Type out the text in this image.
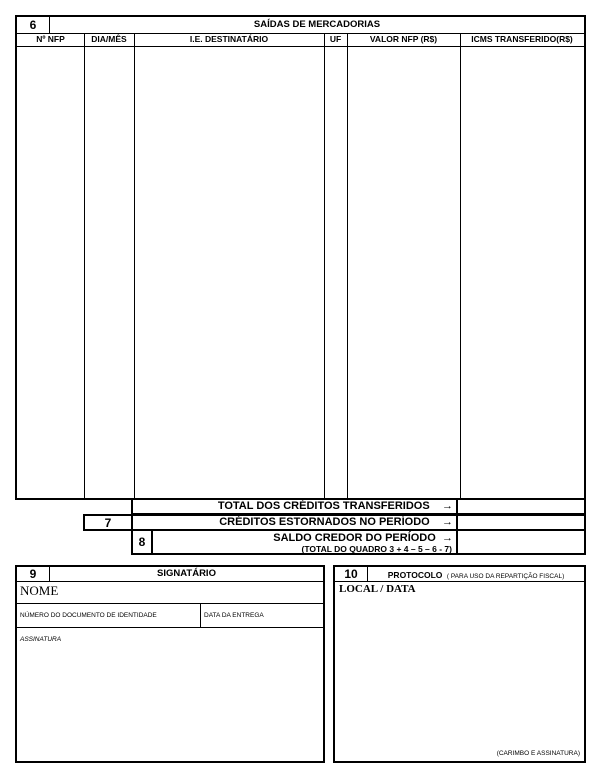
6	SAÍDAS DE MERCADORIAS
Nº NFP	DIA/MÊS	I.E. DESTINATÁRIO	UF	VALOR NFP (R$)	ICMS TRANSFERIDO(R$)
TOTAL DOS CRÉDITOS TRANSFERIDOS →
7	CRÉDITOS ESTORNADOS NO PERÍODO →
8	SALDO CREDOR DO PERÍODO →
(TOTAL DO QUADRO 3 + 4 – 5 – 6 - 7)
9	SIGNATÁRIO
NOME
NÚMERO DO DOCUMENTO DE IDENTIDADE	DATA DA ENTREGA
ASSINATURA
10	PROTOCOLO ( PARA USO DA REPARTIÇÃO FISCAL)
LOCAL / DATA
(CARIMBO E ASSINATURA)
